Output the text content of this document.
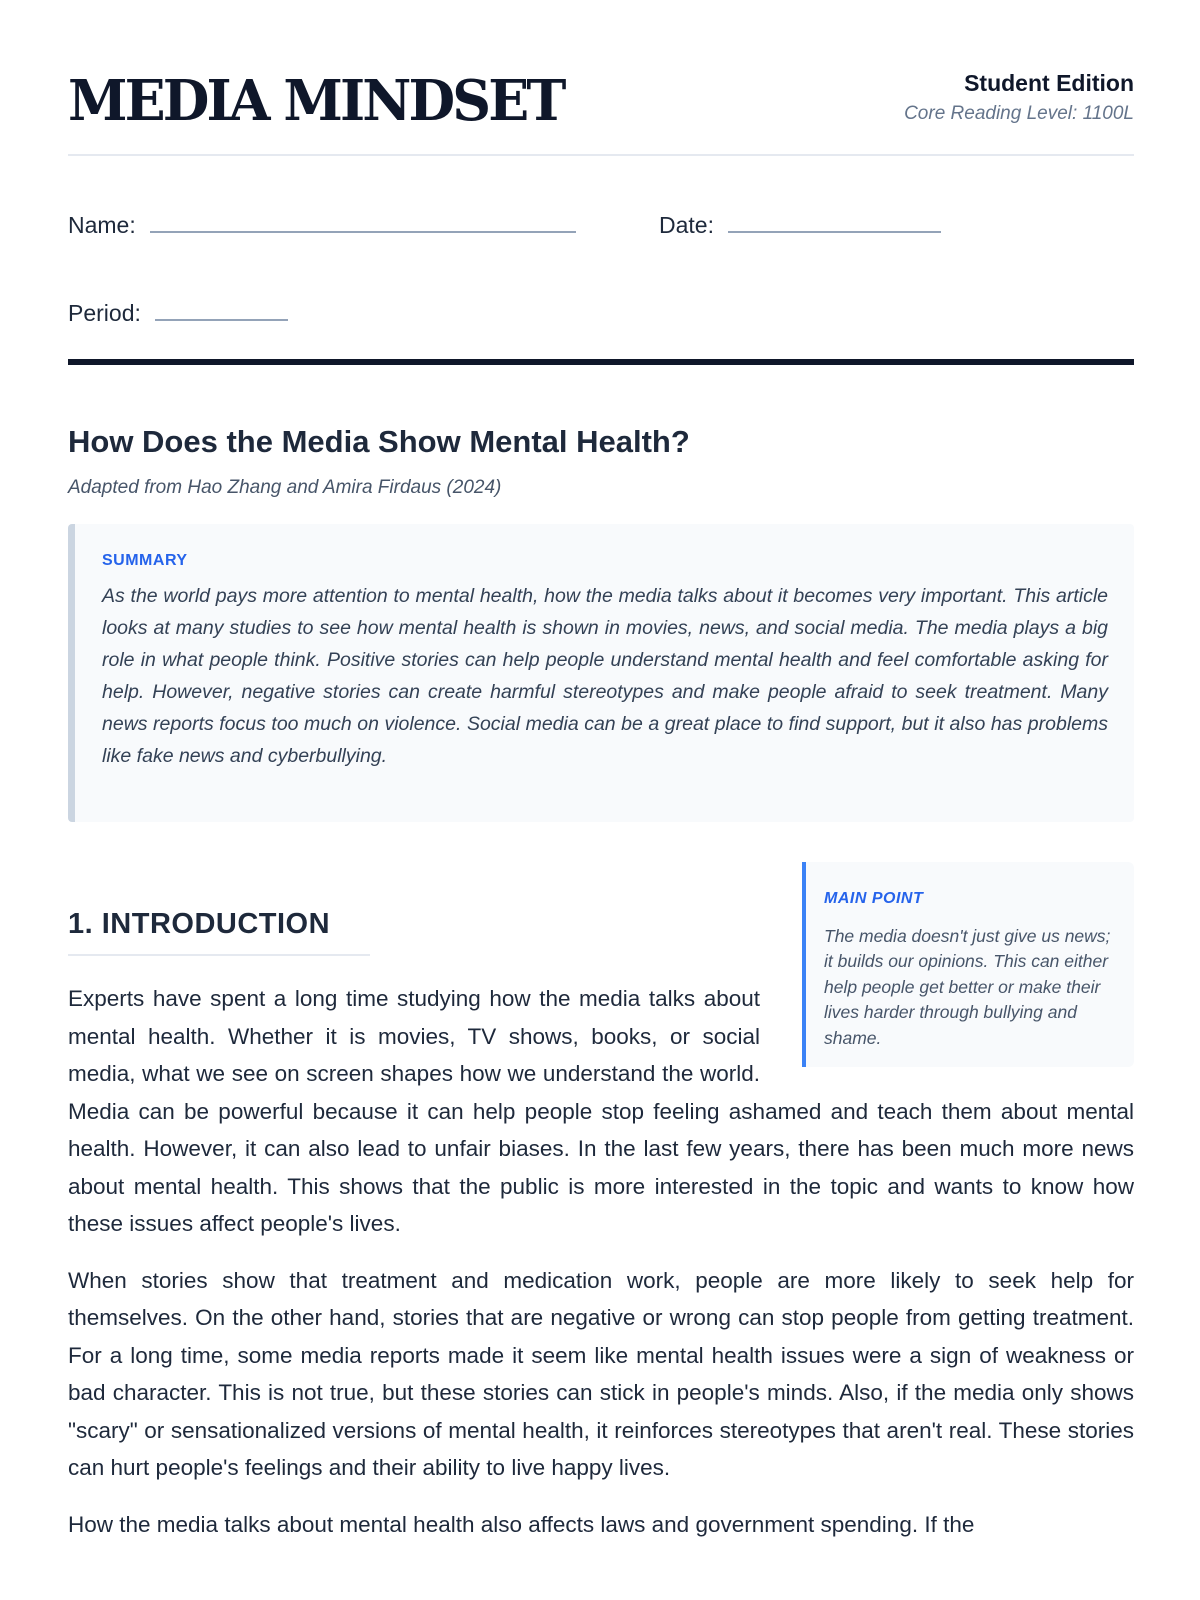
MEDIA MINDSET	Student Edition
Core Reading Level: 1100L
Name:	Date:
Period:
How Does the Media Show Mental Health?
Adapted from Hao Zhang and Amira Firdaus (2024)
SUMMARY
As the world pays more attention to mental health, how the media talks about it becomes very important. This article looks at many studies to see how mental health is shown in movies, news, and social media. The media plays a big role in what people think. Positive stories can help people understand mental health and feel comfortable asking for help. However, negative stories can create harmful stereotypes and make people afraid to seek treatment. Many news reports focus too much on violence. Social media can be a great place to find support, but it also has problems like fake news and cyberbullying.
MAIN POINT
The media doesn't just give us news; it builds our opinions. This can either help people get better or make their lives harder through bullying and shame.
1. INTRODUCTION

Experts have spent a long time studying how the media talks about mental health. Whether it is movies, TV shows, books, or social media, what we see on screen shapes how we understand the world. Media can be powerful because it can help people stop feeling ashamed and teach them about mental health. However, it can also lead to unfair biases. In the last few years, there has been much more news about mental health. This shows that the public is more interested in the topic and wants to know how these issues affect people's lives.

When stories show that treatment and medication work, people are more likely to seek help for themselves. On the other hand, stories that are negative or wrong can stop people from getting treatment. For a long time, some media reports made it seem like mental health issues were a sign of weakness or bad character. This is not true, but these stories can stick in people's minds. Also, if the media only shows "scary" or sensationalized versions of mental health, it reinforces stereotypes that aren't real. These stories can hurt people's feelings and their ability to live happy lives.

How the media talks about mental health also affects laws and government spending. If the
